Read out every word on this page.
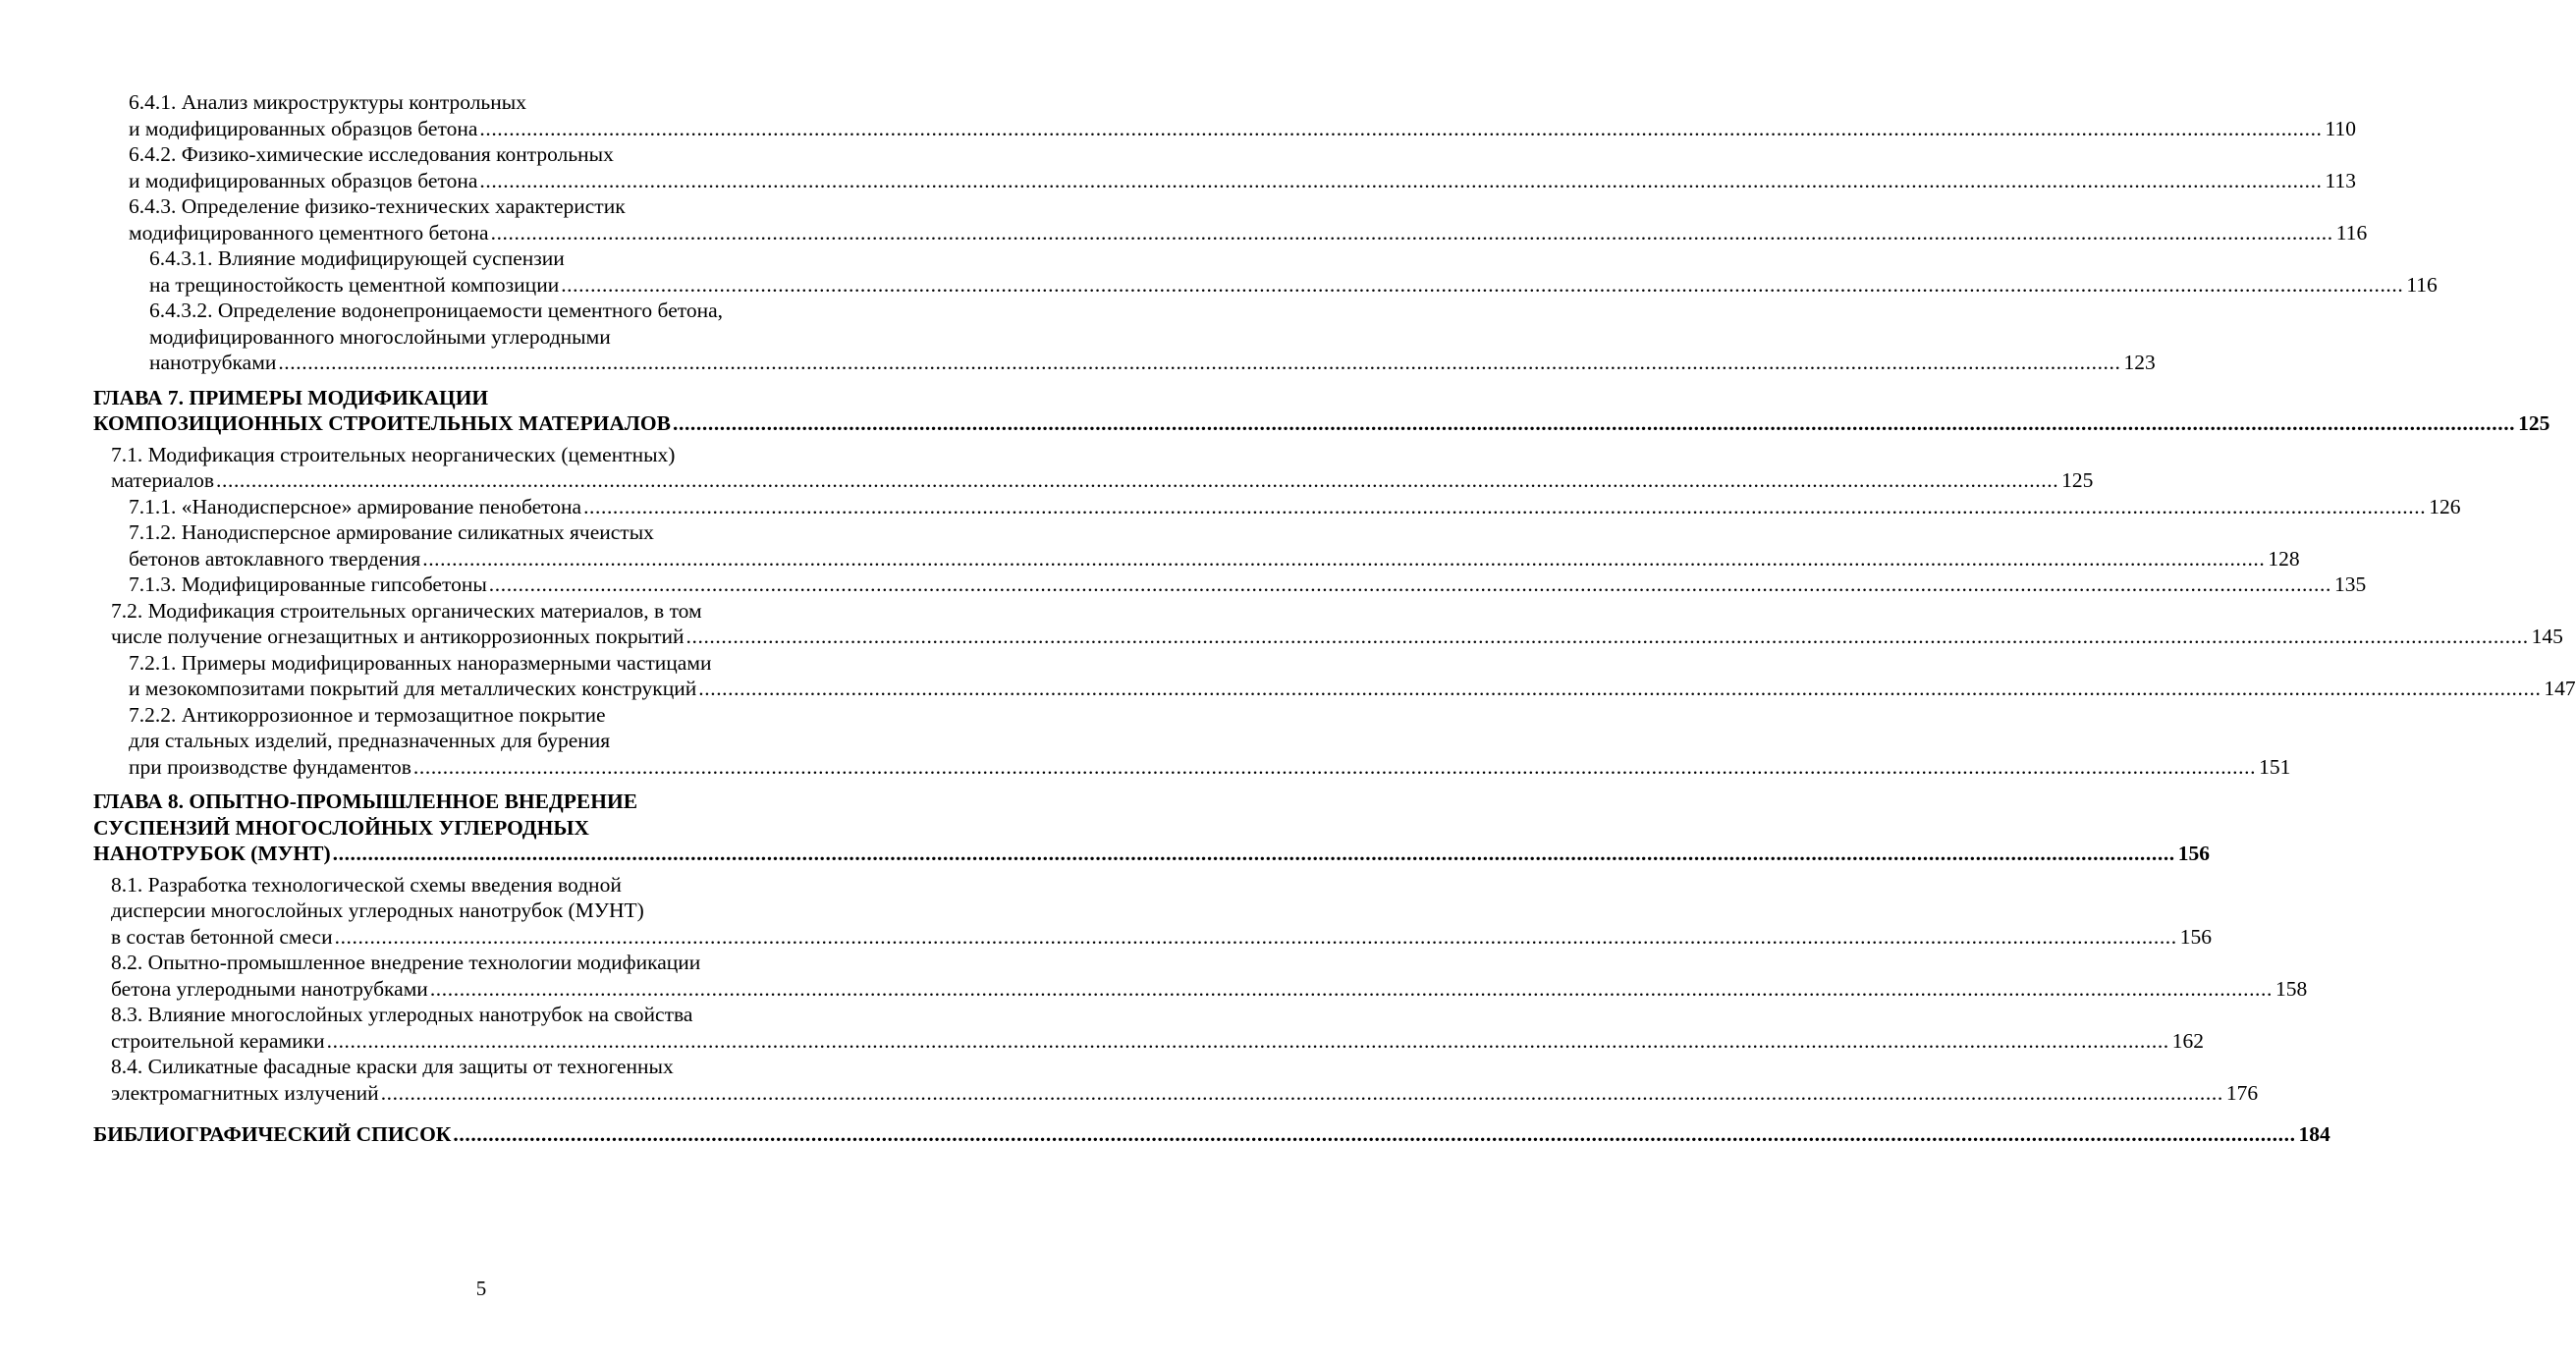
6.4.1. Анализ микроструктуры контрольных
и модифицированных образцов бетона .......................................................................................................................................................................................................................................................................................................................... 110
6.4.2. Физико-химические исследования контрольных
и модифицированных образцов бетона .......................................................................................................................................................................................................................................................................................................................... 113
6.4.3. Определение физико-технических характеристик
модифицированного цементного бетона .......................................................................................................................................................................................................................................................................................................................... 116
6.4.3.1. Влияние модифицирующей суспензии
на трещиностойкость цементной композиции .......................................................................................................................................................................................................................................................................................................................... 116
6.4.3.2. Определение водонепроницаемости цементного бетона,
модифицированного многослойными углеродными
нанотрубками .......................................................................................................................................................................................................................................................................................................................... 123
ГЛАВА 7. ПРИМЕРЫ МОДИФИКАЦИИ
КОМПОЗИЦИОННЫХ СТРОИТЕЛЬНЫХ МАТЕРИАЛОВ .......................................................................................................................................................................................................................................................................................................................... 125
7.1. Модификация строительных неорганических (цементных)
материалов .......................................................................................................................................................................................................................................................................................................................... 125
7.1.1. «Нанодисперсное» армирование пенобетона .......................................................................................................................................................................................................................................................................................................................... 126
7.1.2. Нанодисперсное армирование силикатных ячеистых
бетонов автоклавного твердения .......................................................................................................................................................................................................................................................................................................................... 128
7.1.3. Модифицированные гипсобетоны .......................................................................................................................................................................................................................................................................................................................... 135
7.2. Модификация строительных органических материалов, в том
числе получение огнезащитных и антикоррозионных покрытий .......................................................................................................................................................................................................................................................................................................................... 145
7.2.1. Примеры модифицированных наноразмерными частицами
и мезокомпозитами покрытий для металлических конструкций .......................................................................................................................................................................................................................................................................................................................... 147
7.2.2. Антикоррозионное и термозащитное покрытие
для стальных изделий, предназначенных для бурения
при производстве фундаментов .......................................................................................................................................................................................................................................................................................................................... 151
ГЛАВА 8. ОПЫТНО-ПРОМЫШЛЕННОЕ ВНЕДРЕНИЕ
СУСПЕНЗИЙ МНОГОСЛОЙНЫХ УГЛЕРОДНЫХ
НАНОТРУБОК (МУНТ) .......................................................................................................................................................................................................................................................................................................................... 156
8.1. Разработка технологической схемы введения водной
дисперсии многослойных углеродных нанотрубок (МУНТ)
в состав бетонной смеси .......................................................................................................................................................................................................................................................................................................................... 156
8.2. Опытно-промышленное внедрение технологии модификации
бетона углеродными нанотрубками .......................................................................................................................................................................................................................................................................................................................... 158
8.3. Влияние многослойных углеродных нанотрубок на свойства
строительной керамики .......................................................................................................................................................................................................................................................................................................................... 162
8.4. Силикатные фасадные краски для защиты от техногенных
электромагнитных излучений .......................................................................................................................................................................................................................................................................................................................... 176
БИБЛИОГРАФИЧЕСКИЙ СПИСОК .......................................................................................................................................................................................................................................................................................................................... 184
5
